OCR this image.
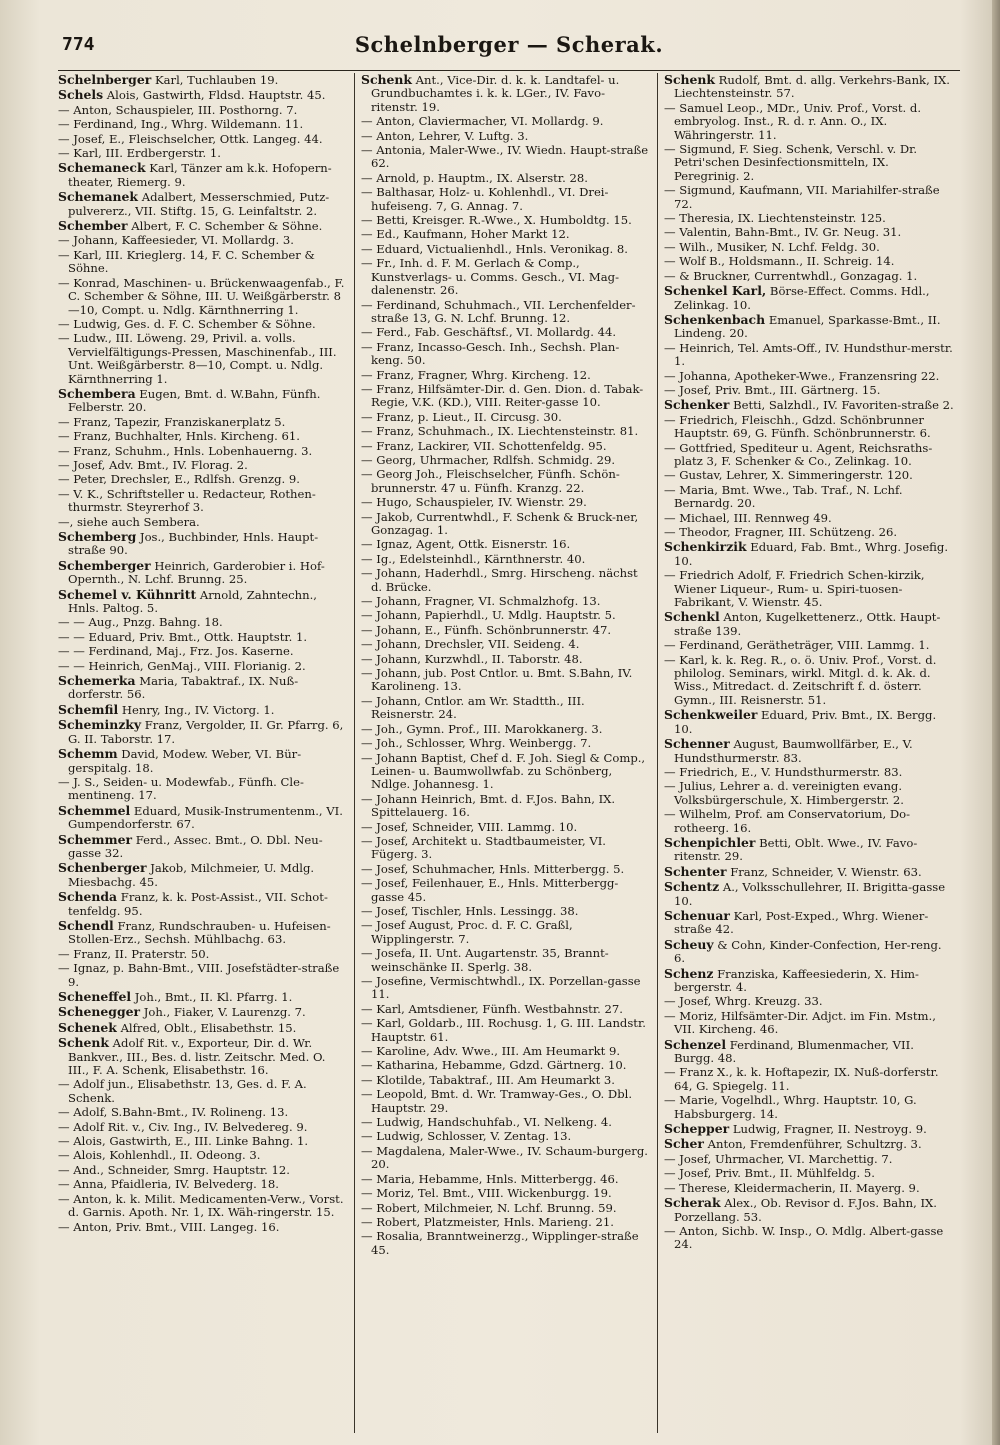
774	Schelnberger — Scherak.
Schelnberger Karl, Tuchlauben 19.
Schels Alois, Gastwirth, Fldsd. Hauptstr. 45.
— Anton, Schauspieler, III. Posthorng. 7.
— Ferdinand, Ing., Whrg. Wildemann. 11.
— Josef, E., Fleischselcher, Ottk. Langeg. 44.
— Karl, III. Erdbergerstr. 1.
Schemaneck Karl, Tänzer am k.k. Hofopern-theater, Riemerg. 9.
Schemanek Adalbert, Messerschmied, Putz-pulvererz., VII. Stiftg. 15, G. Leinfaltstr. 2.
Schember Albert, F. C. Schember & Söhne.
— Johann, Kaffeesieder, VI. Mollardg. 3.
— Karl, III. Krieglerg. 14, F. C. Schember & Söhne.
— Konrad, Maschinen- u. Brückenwaagenfab., F. C. Schember & Söhne, III. U. Weißgärberstr. 8—10, Compt. u. Ndlg. Kärnthnerring 1.
— Ludwig, Ges. d. F. C. Schember & Söhne.
— Ludw., III. Löweng. 29, Privil. a. volls. Vervielfältigungs-Pressen, Maschinenfab., III. Unt. Weißgärberstr. 8—10, Compt. u. Ndlg. Kärnthnerring 1.
Schembera Eugen, Bmt. d. W.Bahn, Fünfh. Felberstr. 20.
— Franz, Tapezir, Franziskanerplatz 5.
— Franz, Buchhalter, Hnls. Kircheng. 61.
— Franz, Schuhm., Hnls. Lobenhauerng. 3.
— Josef, Adv. Bmt., IV. Florag. 2.
— Peter, Drechsler, E., Rdlfsh. Grenzg. 9.
— V. K., Schriftsteller u. Redacteur, Rothen-thurmstr. Steyrerhof 3.
—, siehe auch Sembera.
Schemberg Jos., Buchbinder, Hnls. Haupt-straße 90.
Schemberger Heinrich, Garderobier i. Hof-Opernth., N. Lchf. Brunng. 25.
Schemel v. Kühnritt Arnold, Zahntechn., Hnls. Paltog. 5.
— — Aug., Pnzg. Bahng. 18.
— — Eduard, Priv. Bmt., Ottk. Hauptstr. 1.
— — Ferdinand, Maj., Frz. Jos. Kaserne.
— — Heinrich, GenMaj., VIII. Florianig. 2.
Schemerka Maria, Tabaktraf., IX. Nuß-dorferstr. 56.
Schemfil Henry, Ing., IV. Victorg. 1.
Scheminzky Franz, Vergolder, II. Gr. Pfarrg. 6, G. II. Taborstr. 17.
Schemm David, Modew. Weber, VI. Bür-gerspitalg. 18.
— J. S., Seiden- u. Modewfab., Fünfh. Cle-mentineng. 17.
Schemmel Eduard, Musik-Instrumentenm., VI. Gumpendorferstr. 67.
Schemmer Ferd., Assec. Bmt., O. Dbl. Neu-gasse 32.
Schenberger Jakob, Milchmeier, U. Mdlg. Miesbachg. 45.
Schenda Franz, k. k. Post-Assist., VII. Schot-tenfeldg. 95.
Schendl Franz, Rundschrauben- u. Hufeisen-Stollen-Erz., Sechsh. Mühlbachg. 63.
— Franz, II. Praterstr. 50.
— Ignaz, p. Bahn-Bmt., VIII. Josefstädter-straße 9.
Scheneffel Joh., Bmt., II. Kl. Pfarrg. 1.
Schenegger Joh., Fiaker, V. Laurenzg. 7.
Schenek Alfred, Oblt., Elisabethstr. 15.
Schenk Adolf Rit. v., Exporteur, Dir. d. Wr. Bankver., III., Bes. d. listr. Zeitschr. Med. O. III., F. A. Schenk, Elisabethstr. 16.
— Adolf jun., Elisabethstr. 13, Ges. d. F. A. Schenk.
— Adolf, S.Bahn-Bmt., IV. Rolineng. 13.
— Adolf Rit. v., Civ. Ing., IV. Belvedereg. 9.
— Alois, Gastwirth, E., III. Linke Bahng. 1.
— Alois, Kohlenhdl., II. Odeong. 3.
— And., Schneider, Smrg. Hauptstr. 12.
— Anna, Pfaidleria, IV. Belvederg. 18.
— Anton, k. k. Milit. Medicamenten-Verw., Vorst. d. Garnis. Apoth. Nr. 1, IX. Wäh-ringerstr. 15.
— Anton, Priv. Bmt., VIII. Langeg. 16.
Schenk Ant., Vice-Dir. d. k. k. Landtafel- u. Grundbuchamtes i. k. k. LGer., IV. Favo-ritenstr. 19.
— Anton, Claviermacher, VI. Mollardg. 9.
— Anton, Lehrer, V. Luftg. 3.
— Antonia, Maler-Wwe., IV. Wiedn. Haupt-straße 62.
— Arnold, p. Hauptm., IX. Alserstr. 28.
— Balthasar, Holz- u. Kohlenhdl., VI. Drei-hufeiseng. 7, G. Annag. 7.
— Betti, Kreisger. R.-Wwe., X. Humboldtg. 15.
— Ed., Kaufmann, Hoher Markt 12.
— Eduard, Victualienhdl., Hnls. Veronikag. 8.
— Fr., Inh. d. F. M. Gerlach & Comp., Kunstverlags- u. Comms. Gesch., VI. Mag-dalenenstr. 26.
— Ferdinand, Schuhmach., VII. Lerchenfelder-straße 13, G. N. Lchf. Brunng. 12.
— Ferd., Fab. Geschäftsf., VI. Mollardg. 44.
— Franz, Incasso-Gesch. Inh., Sechsh. Plan-keng. 50.
— Franz, Fragner, Whrg. Kircheng. 12.
— Franz, Hilfsämter-Dir. d. Gen. Dion. d. Tabak-Regie, V.K. (KD.), VIII. Reiter-gasse 10.
— Franz, p. Lieut., II. Circusg. 30.
— Franz, Schuhmach., IX. Liechtensteinstr. 81.
— Franz, Lackirer, VII. Schottenfeldg. 95.
— Georg, Uhrmacher, Rdlfsh. Schmidg. 29.
— Georg Joh., Fleischselcher, Fünfh. Schön-brunnerstr. 47 u. Fünfh. Kranzg. 22.
— Hugo, Schauspieler, IV. Wienstr. 29.
— Jakob, Currentwhdl., F. Schenk & Bruck-ner, Gonzagag. 1.
— Ignaz, Agent, Ottk. Eisnerstr. 16.
— Ig., Edelsteinhdl., Kärnthnerstr. 40.
— Johann, Haderhdl., Smrg. Hirscheng. nächst d. Brücke.
— Johann, Fragner, VI. Schmalzhofg. 13.
— Johann, Papierhdl., U. Mdlg. Hauptstr. 5.
— Johann, E., Fünfh. Schönbrunnerstr. 47.
— Johann, Drechsler, VII. Seideng. 4.
— Johann, Kurzwhdl., II. Taborstr. 48.
— Johann, jub. Post Cntlor. u. Bmt. S.Bahn, IV. Karolineng. 13.
— Johann, Cntlor. am Wr. Stadtth., III. Reisnerstr. 24.
— Joh., Gymn. Prof., III. Marokkanerg. 3.
— Joh., Schlosser, Whrg. Weinbergg. 7.
— Johann Baptist, Chef d. F. Joh. Siegl & Comp., Leinen- u. Baumwollwfab. zu Schönberg, Ndlge. Johannesg. 1.
— Johann Heinrich, Bmt. d. F.Jos. Bahn, IX. Spittelauerg. 16.
— Josef, Schneider, VIII. Lammg. 10.
— Josef, Architekt u. Stadtbaumeister, VI. Fügerg. 3.
— Josef, Schuhmacher, Hnls. Mitterbergg. 5.
— Josef, Feilenhauer, E., Hnls. Mitterbergg-gasse 45.
— Josef, Tischler, Hnls. Lessingg. 38.
— Josef August, Proc. d. F. C. Graßl, Wipplingerstr. 7.
— Josefa, II. Unt. Augartenstr. 35, Brannt-weinschänke II. Sperlg. 38.
— Josefine, Vermischtwhdl., IX. Porzellan-gasse 11.
— Karl, Amtsdiener, Fünfh. Westbahnstr. 27.
— Karl, Goldarb., III. Rochusg. 1, G. III. Landstr. Hauptstr. 61.
— Karoline, Adv. Wwe., III. Am Heumarkt 9.
— Katharina, Hebamme, Gdzd. Gärtnerg. 10.
— Klotilde, Tabaktraf., III. Am Heumarkt 3.
— Leopold, Bmt. d. Wr. Tramway-Ges., O. Dbl. Hauptstr. 29.
— Ludwig, Handschuhfab., VI. Nelkeng. 4.
— Ludwig, Schlosser, V. Zentag. 13.
— Magdalena, Maler-Wwe., IV. Schaum-burgerg. 20.
— Maria, Hebamme, Hnls. Mitterbergg. 46.
— Moriz, Tel. Bmt., VIII. Wickenburgg. 19.
— Robert, Milchmeier, N. Lchf. Brunng. 59.
— Robert, Platzmeister, Hnls. Marieng. 21.
— Rosalia, Branntweinerzg., Wipplinger-straße 45.
Schenk Rudolf, Bmt. d. allg. Verkehrs-Bank, IX. Liechtensteinstr. 57.
— Samuel Leop., MDr., Univ. Prof., Vorst. d. embryolog. Inst., R. d. r. Ann. O., IX. Währingerstr. 11.
— Sigmund, F. Sieg. Schenk, Verschl. v. Dr. Petri'schen Desinfectionsmitteln, IX. Peregrinig. 2.
— Sigmund, Kaufmann, VII. Mariahilfer-straße 72.
— Theresia, IX. Liechtensteinstr. 125.
— Valentin, Bahn-Bmt., IV. Gr. Neug. 31.
— Wilh., Musiker, N. Lchf. Feldg. 30.
— Wolf B., Holdsmann., II. Schreig. 14.
— & Bruckner, Currentwhdl., Gonzagag. 1.
Schenkel Karl, Börse-Effect. Comms. Hdl., Zelinkag. 10.
Schenkenbach Emanuel, Sparkasse-Bmt., II. Lindeng. 20.
— Heinrich, Tel. Amts-Off., IV. Hundsthur-merstr. 1.
— Johanna, Apotheker-Wwe., Franzensring 22.
— Josef, Priv. Bmt., III. Gärtnerg. 15.
Schenker Betti, Salzhdl., IV. Favoriten-straße 2.
— Friedrich, Fleischh., Gdzd. Schönbrunner Hauptstr. 69, G. Fünfh. Schönbrunnerstr. 6.
— Gottfried, Spediteur u. Agent, Reichsraths-platz 3, F. Schenker & Co., Zelinkag. 10.
— Gustav, Lehrer, X. Simmeringerstr. 120.
— Maria, Bmt. Wwe., Tab. Traf., N. Lchf. Bernardg. 20.
— Michael, III. Rennweg 49.
— Theodor, Fragner, III. Schützeng. 26.
Schenkirzik Eduard, Fab. Bmt., Whrg. Josefig. 10.
— Friedrich Adolf, F. Friedrich Schen-kirzik, Wiener Liqueur-, Rum- u. Spiri-tuosen-Fabrikant, V. Wienstr. 45.
Schenkl Anton, Kugelkettenerz., Ottk. Haupt-straße 139.
— Ferdinand, Gerätheträger, VIII. Lammg. 1.
— Karl, k. k. Reg. R., o. ö. Univ. Prof., Vorst. d. philolog. Seminars, wirkl. Mitgl. d. k. Ak. d. Wiss., Mitredact. d. Zeitschrift f. d. österr. Gymn., III. Reisnerstr. 51.
Schenkweiler Eduard, Priv. Bmt., IX. Bergg. 10.
Schenner August, Baumwollfärber, E., V. Hundsthurmerstr. 83.
— Friedrich, E., V. Hundsthurmerstr. 83.
— Julius, Lehrer a. d. vereinigten evang. Volksbürgerschule, X. Himbergerstr. 2.
— Wilhelm, Prof. am Conservatorium, Do-rotheerg. 16.
Schenpichler Betti, Oblt. Wwe., IV. Favo-ritenstr. 29.
Schenter Franz, Schneider, V. Wienstr. 63.
Schentz A., Volksschullehrer, II. Brigitta-gasse 10.
Schenuar Karl, Post-Exped., Whrg. Wiener-straße 42.
Scheuy & Cohn, Kinder-Confection, Her-reng. 6.
Schenz Franziska, Kaffeesiederin, X. Him-bergerstr. 4.
— Josef, Whrg. Kreuzg. 33.
— Moriz, Hilfsämter-Dir. Adjct. im Fin. Mstm., VII. Kircheng. 46.
Schenzel Ferdinand, Blumenmacher, VII. Burgg. 48.
— Franz X., k. k. Hoftapezir, IX. Nuß-dorferstr. 64, G. Spiegelg. 11.
— Marie, Vogelhdl., Whrg. Hauptstr. 10, G. Habsburgerg. 14.
Schepper Ludwig, Fragner, II. Nestroyg. 9.
Scher Anton, Fremdenführer, Schultzrg. 3.
— Josef, Uhrmacher, VI. Marchettig. 7.
— Josef, Priv. Bmt., II. Mühlfeldg. 5.
— Therese, Kleidermacherin, II. Mayerg. 9.
Scherak Alex., Ob. Revisor d. F.Jos. Bahn, IX. Porzellang. 53.
— Anton, Sichb. W. Insp., O. Mdlg. Albert-gasse 24.
